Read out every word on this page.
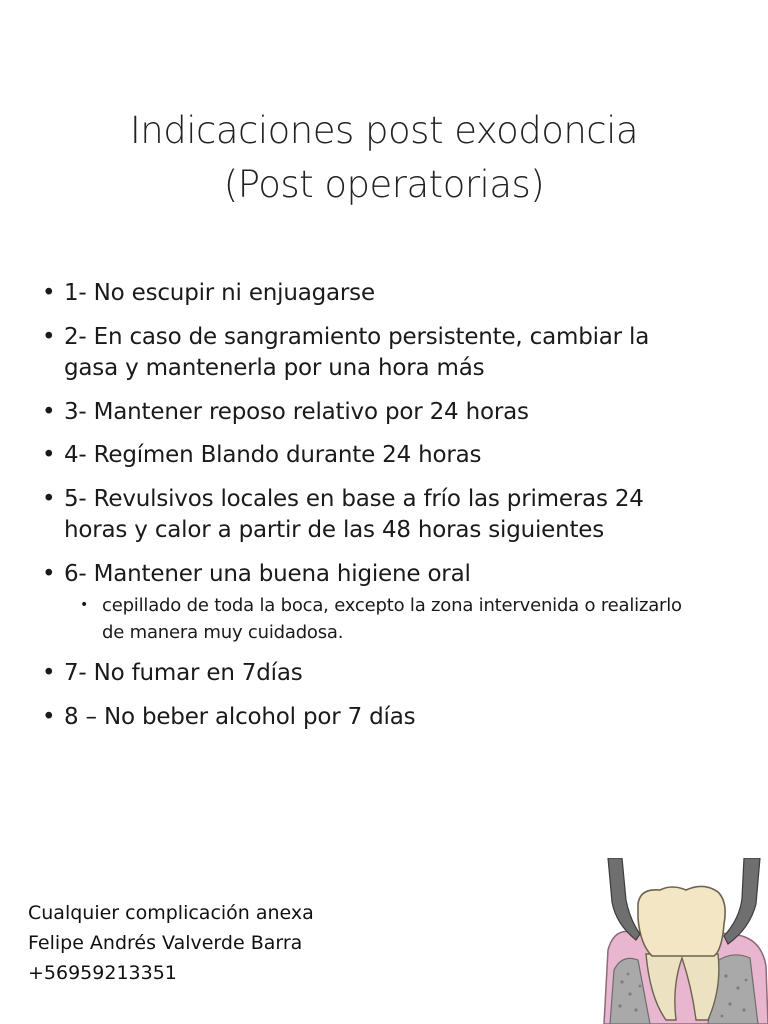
Indicaciones post exodoncia
(Post operatorias)
• 1- No escupir ni enjuagarse
• 2- En caso de sangramiento persistente, cambiar la gasa y mantenerla por una hora más
• 3- Mantener reposo relativo por 24 horas
• 4- Regímen Blando durante 24 horas
• 5- Revulsivos locales en base a frío las primeras 24 horas y calor a partir de las 48 horas siguientes
• 6- Mantener una buena higiene oral
• cepillado de toda la boca, excepto la zona intervenida o realizarlo de manera muy cuidadosa.
• 7- No fumar en 7días
• 8 – No beber alcohol por 7 días
Cualquier complicación anexa
Felipe Andrés Valverde Barra
+56959213351
